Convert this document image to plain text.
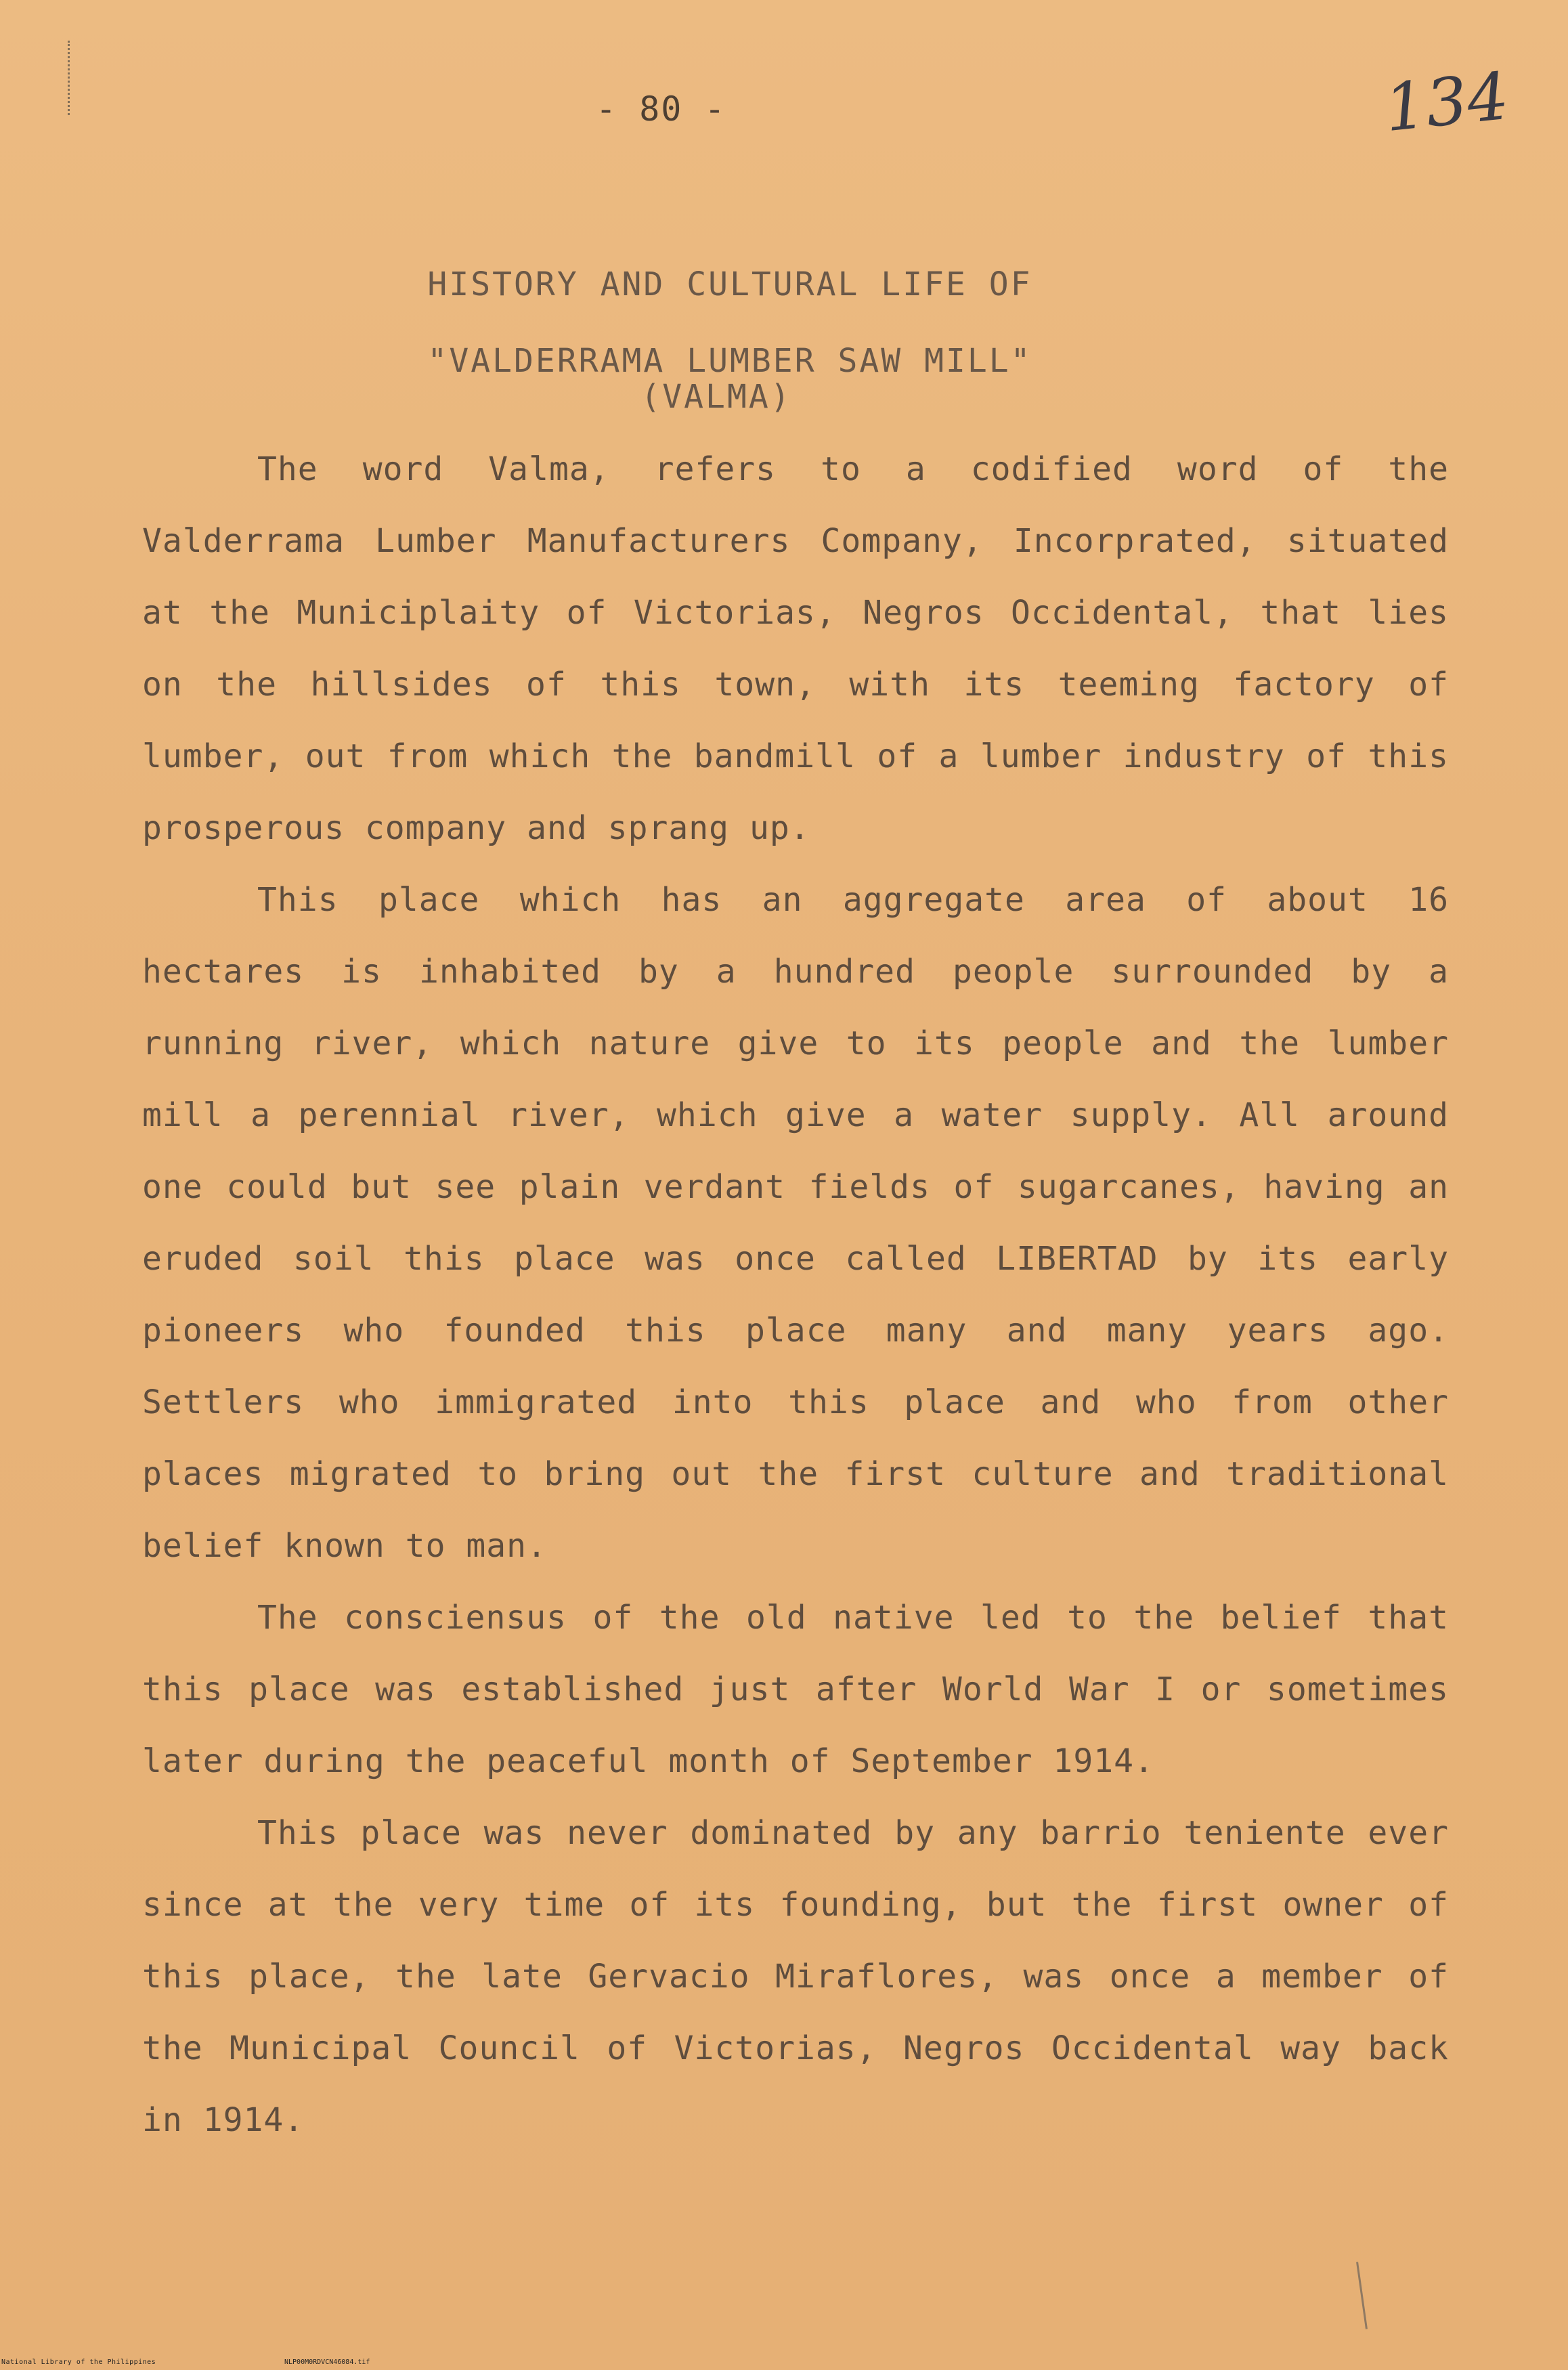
- 80 -	134
HISTORY AND CULTURAL LIFE OF
"VALDERRAMA LUMBER SAW MILL"
(VALMA)

The word Valma, refers to a codified word of the Valderrama Lumber Manufacturers Company, Incorprated, situated at the Municiplaity of Victorias, Negros Occidental, that lies on the hillsides of this town, with its teeming factory of lumber, out from which the bandmill of a lumber industry of this prosperous company and sprang up.

This place which has an aggregate area of about 16 hectares is inhabited by a hundred people surrounded by a running river, which nature give to its people and the lumber mill a perennial river, which give a water supply. All around one could but see plain verdant fields of sugarcanes, having an eruded soil this place was once called LIBERTAD by its early pioneers who founded this place many and many years ago. Settlers who immigrated into this place and who from other places migrated to bring out the first culture and traditional belief known to man.

The consciensus of the old native led to the belief that this place was established just after World War I or sometimes later during the peaceful month of September 1914.

This place was never dominated by any barrio teniente ever since at the very time of its founding, but the first owner of this place, the late Gervacio Miraflores, was once a member of the Municipal Council of Victorias, Negros Occidental way back in 1914.

National Library of the Philippines	NLP00M0RDVCN46084.tif
